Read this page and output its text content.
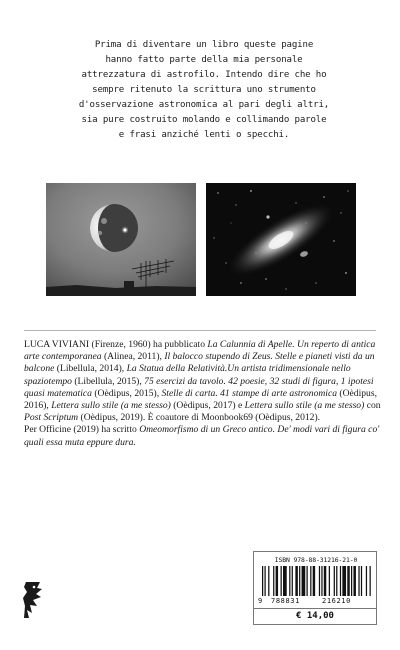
Prima di diventare un libro queste pagine
hanno fatto parte della mia personale
attrezzatura di astrofilo. Intendo dire che ho
sempre ritenuto la scrittura uno strumento
d'osservazione astronomica al pari degli altri,
sia pure costruito molando e collimando parole
e frasi anziché lenti o specchi.

LUCA VIVIANI (Firenze, 1960) ha pubblicato La Calunnia di Apelle. Un reperto di antica arte contemporanea (Alinea, 2011), Il balocco stupendo di Zeus. Stelle e pianeti visti da un balcone (Libellula, 2014), La Statua della Relatività.Un artista tridimensionale nello spaziotempo (Libellula, 2015), 75 esercizi da tavolo. 42 poesie, 32 studi di figura, 1 ipotesi quasi matematica (Oèdipus, 2015), Stelle di carta. 41 stampe di arte astronomica (Oèdipus, 2016), Lettera sullo stile (a me stesso) (Oèdipus, 2017) e Lettera sullo stile (a me stesso) con Post Scriptum (Oèdipus, 2019). È coautore di Moonbook69 (Oèdipus, 2012).

Per Officine (2019) ha scritto Omeomorfismo di un Greco antico. De' modi vari di figura co' quali essa muta eppure dura.

ISBN 978-88-31216-21-0
9 788831	216210
€ 14,00
